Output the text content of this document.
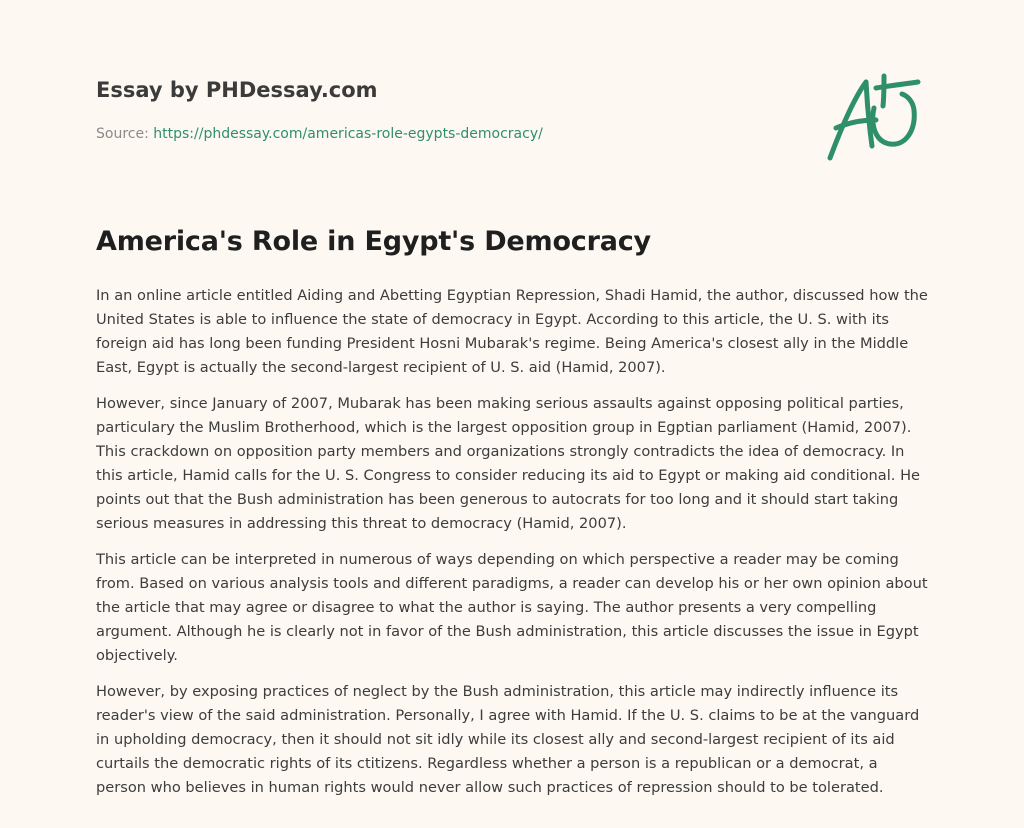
Essay by PHDessay.com
Source: https://phdessay.com/americas-role-egypts-democracy/
America's Role in Egypt's Democracy

In an online article entitled Aiding and Abetting Egyptian Repression, Shadi Hamid, the author, discussed how the United States is able to influence the state of democracy in Egypt. According to this article, the U. S. with its foreign aid has long been funding President Hosni Mubarak's regime. Being America's closest ally in the Middle East, Egypt is actually the second-largest recipient of U. S. aid (Hamid, 2007).

However, since January of 2007, Mubarak has been making serious assaults against opposing political parties, particulary the Muslim Brotherhood, which is the largest opposition group in Egptian parliament (Hamid, 2007). This crackdown on opposition party members and organizations strongly contradicts the idea of democracy. In this article, Hamid calls for the U. S. Congress to consider reducing its aid to Egypt or making aid conditional. He points out that the Bush administration has been generous to autocrats for too long and it should start taking serious measures in addressing this threat to democracy (Hamid, 2007).

This article can be interpreted in numerous of ways depending on which perspective a reader may be coming from. Based on various analysis tools and different paradigms, a reader can develop his or her own opinion about the article that may agree or disagree to what the author is saying. The author presents a very compelling argument. Although he is clearly not in favor of the Bush administration, this article discusses the issue in Egypt objectively.

However, by exposing practices of neglect by the Bush administration, this article may indirectly influence its reader's view of the said administration. Personally, I agree with Hamid. If the U. S. claims to be at the vanguard in upholding democracy, then it should not sit idly while its closest ally and second-largest recipient of its aid curtails the democratic rights of its ctitizens. Regardless whether a person is a republican or a democrat, a person who believes in human rights would never allow such practices of repression should to be tolerated.
